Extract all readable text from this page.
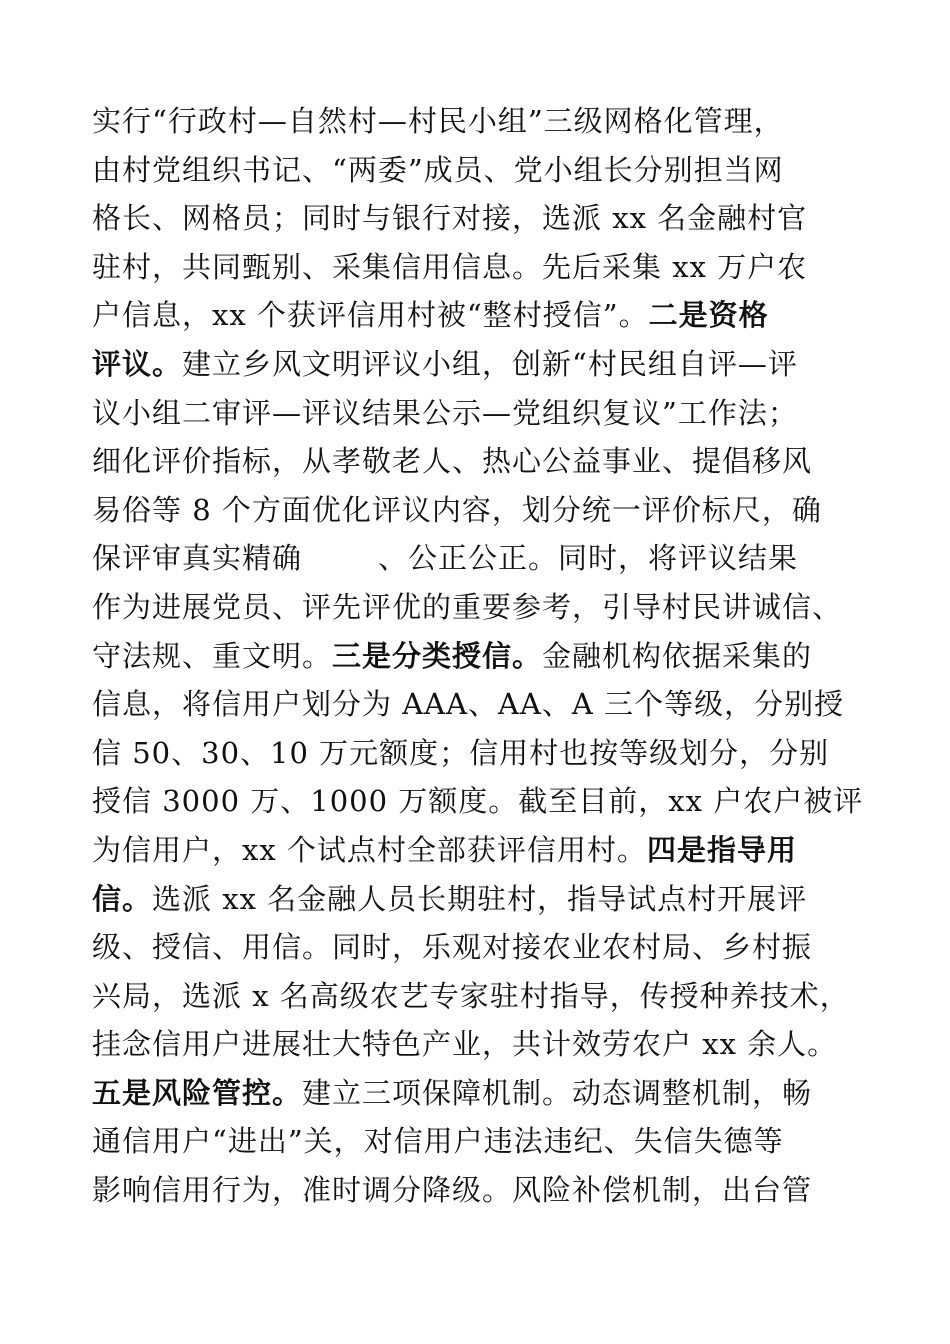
实行“行政村—自然村—村民小组”三级网格化管理，
由村党组织书记、“两委”成员、党小组长分别担当网
格长、网格员；同时与银行对接，选派 xx 名金融村官
驻村，共同甄别、采集信用信息。先后采集 xx 万户农
户信息，xx 个获评信用村被“整村授信”。二是资格
评议。建立乡风文明评议小组，创新“村民组自评—评
议小组二审评—评议结果公示—党组织复议”工作法；
细化评价指标，从孝敬老人、热心公益事业、提倡移风
易俗等 8 个方面优化评议内容，划分统一评价标尺，确
保评审真实精确	、公正公正。同时，将评议结果
作为进展党员、评先评优的重要参考，引导村民讲诚信、
守法规、重文明。三是分类授信。金融机构依据采集的
信息，将信用户划分为 AAA、AA、A 三个等级，分别授
信 50、30、10 万元额度；信用村也按等级划分，分别
授信 3000 万、1000 万额度。截至目前，xx 户农户被评
为信用户，xx 个试点村全部获评信用村。四是指导用
信。选派 xx 名金融人员长期驻村，指导试点村开展评
级、授信、用信。同时，乐观对接农业农村局、乡村振
兴局，选派 x 名高级农艺专家驻村指导，传授种养技术，
挂念信用户进展壮大特色产业，共计效劳农户 xx 余人。
五是风险管控。建立三项保障机制。动态调整机制，畅
通信用户“进出”关，对信用户违法违纪、失信失德等
影响信用行为，准时调分降级。风险补偿机制，出台管
